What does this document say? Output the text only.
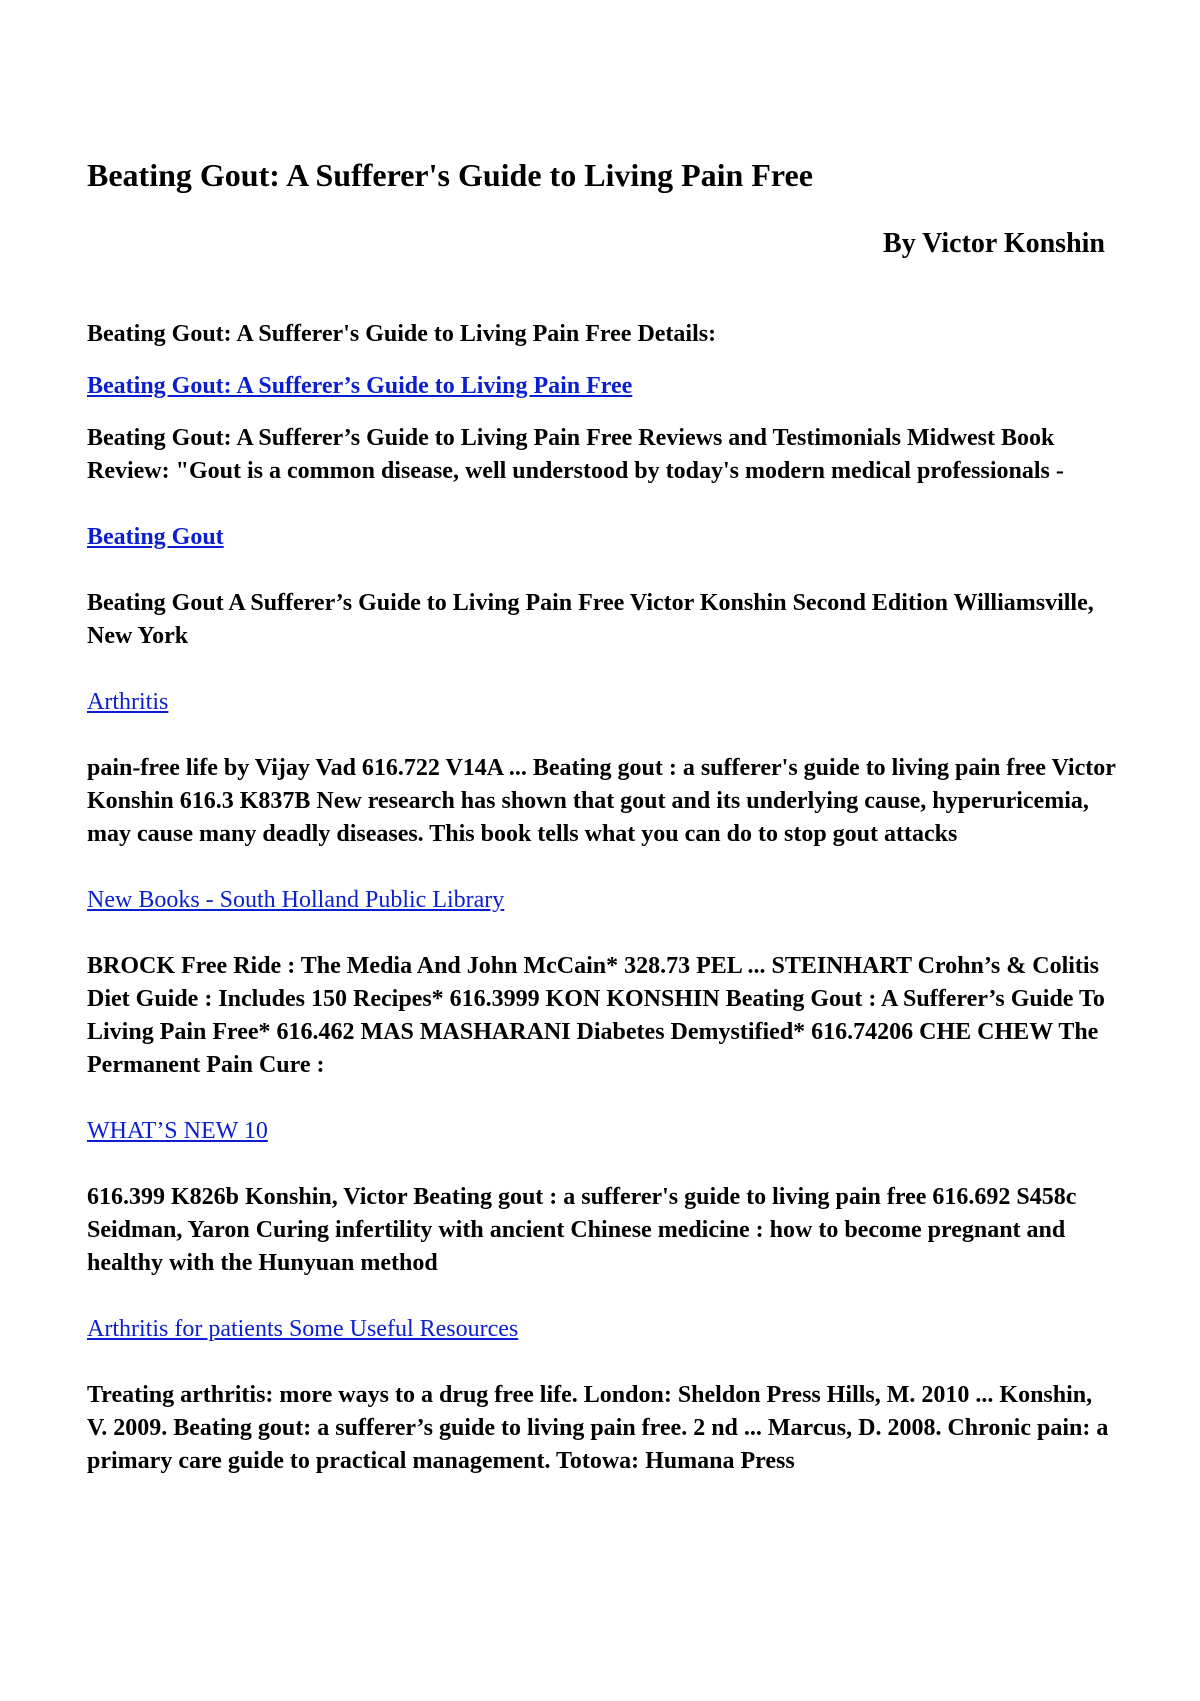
Beating Gout: A Sufferer's Guide to Living Pain Free

By Victor Konshin

Beating Gout: A Sufferer's Guide to Living Pain Free Details:

Beating Gout: A Sufferer’s Guide to Living Pain Free

Beating Gout: A Sufferer’s Guide to Living Pain Free Reviews and Testimonials Midwest Book Review: "Gout is a common disease, well understood by today's modern medical professionals -

Beating Gout

Beating Gout A Sufferer’s Guide to Living Pain Free Victor Konshin Second Edition Williamsville, New York

Arthritis

pain-free life by Vijay Vad 616.722 V14A ... Beating gout : a sufferer's guide to living pain free Victor Konshin 616.3 K837B New research has shown that gout and its underlying cause, hyperuricemia, may cause many deadly diseases. This book tells what you can do to stop gout attacks

New Books - South Holland Public Library

BROCK Free Ride : The Media And John McCain* 328.73 PEL ... STEINHART Crohn’s & Colitis Diet Guide : Includes 150 Recipes* 616.3999 KON KONSHIN Beating Gout : A Sufferer’s Guide To Living Pain Free* 616.462 MAS MASHARANI Diabetes Demystified* 616.74206 CHE CHEW The Permanent Pain Cure :

WHAT’S NEW 10

616.399 K826b Konshin, Victor Beating gout : a sufferer's guide to living pain free 616.692 S458c Seidman, Yaron Curing infertility with ancient Chinese medicine : how to become pregnant and healthy with the Hunyuan method

Arthritis for patients Some Useful Resources

Treating arthritis: more ways to a drug free life. London: Sheldon Press Hills, M. 2010 ... Konshin, V. 2009. Beating gout: a sufferer’s guide to living pain free. 2 nd ... Marcus, D. 2008. Chronic pain: a primary care guide to practical management. Totowa: Humana Press
